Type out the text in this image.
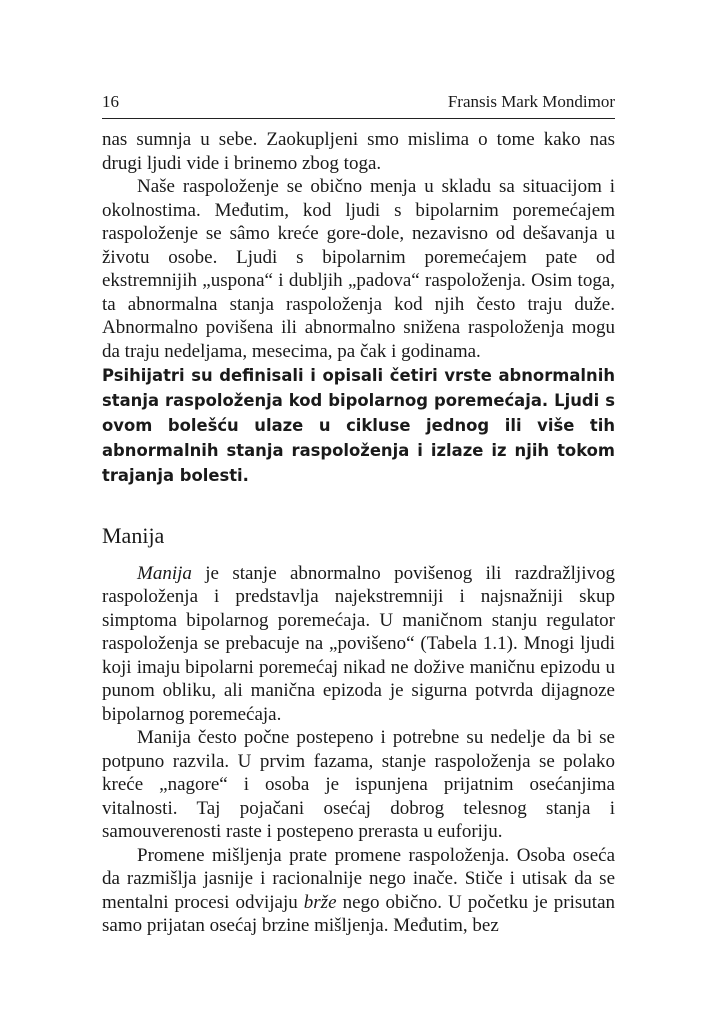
16	Fransis Mark Mondimor

nas sumnja u sebe. Zaokupljeni smo mislima o tome kako nas drugi ljudi vide i brinemo zbog toga.

Naše raspoloženje se obično menja u skladu sa situacijom i okolnostima. Međutim, kod ljudi s bipolarnim poremećajem raspoloženje se sâmo kreće gore-dole, nezavisno od dešavanja u životu osobe. Ljudi s bipolarnim poremećajem pate od ekstremnijih „uspona“ i dubljih „padova“ raspoloženja. Osim toga, ta abnormalna stanja raspoloženja kod njih često traju duže. Abnormalno povišena ili abnormalno snižena raspoloženja mogu da traju nedeljama, mesecima, pa čak i godinama.

Psihijatri su definisali i opisali četiri vrste abnormalnih stanja raspoloženja kod bipolarnog poremećaja. Ljudi s ovom bolešću ulaze u cikluse jednog ili više tih abnormalnih stanja raspoloženja i izlaze iz njih tokom trajanja bolesti.

Manija

Manija je stanje abnormalno povišenog ili razdražljivog raspoloženja i predstavlja najekstremniji i najsnažniji skup simptoma bipolarnog poremećaja. U maničnom stanju regulator raspoloženja se prebacuje na „povišeno“ (Tabela 1.1). Mnogi ljudi koji imaju bipolarni poremećaj nikad ne dožive maničnu epizodu u punom obliku, ali manična epizoda je sigurna potvrda dijagnoze bipolarnog poremećaja.

Manija često počne postepeno i potrebne su nedelje da bi se potpuno razvila. U prvim fazama, stanje raspoloženja se polako kreće „nagore“ i osoba je ispunjena prijatnim osećanjima vitalnosti. Taj pojačani osećaj dobrog telesnog stanja i samouverenosti raste i postepeno prerasta u euforiju.

Promene mišljenja prate promene raspoloženja. Osoba oseća da razmišlja jasnije i racionalnije nego inače. Stiče i utisak da se mentalni procesi odvijaju brže nego obično. U početku je prisutan samo prijatan osećaj brzine mišljenja. Međutim, bez
